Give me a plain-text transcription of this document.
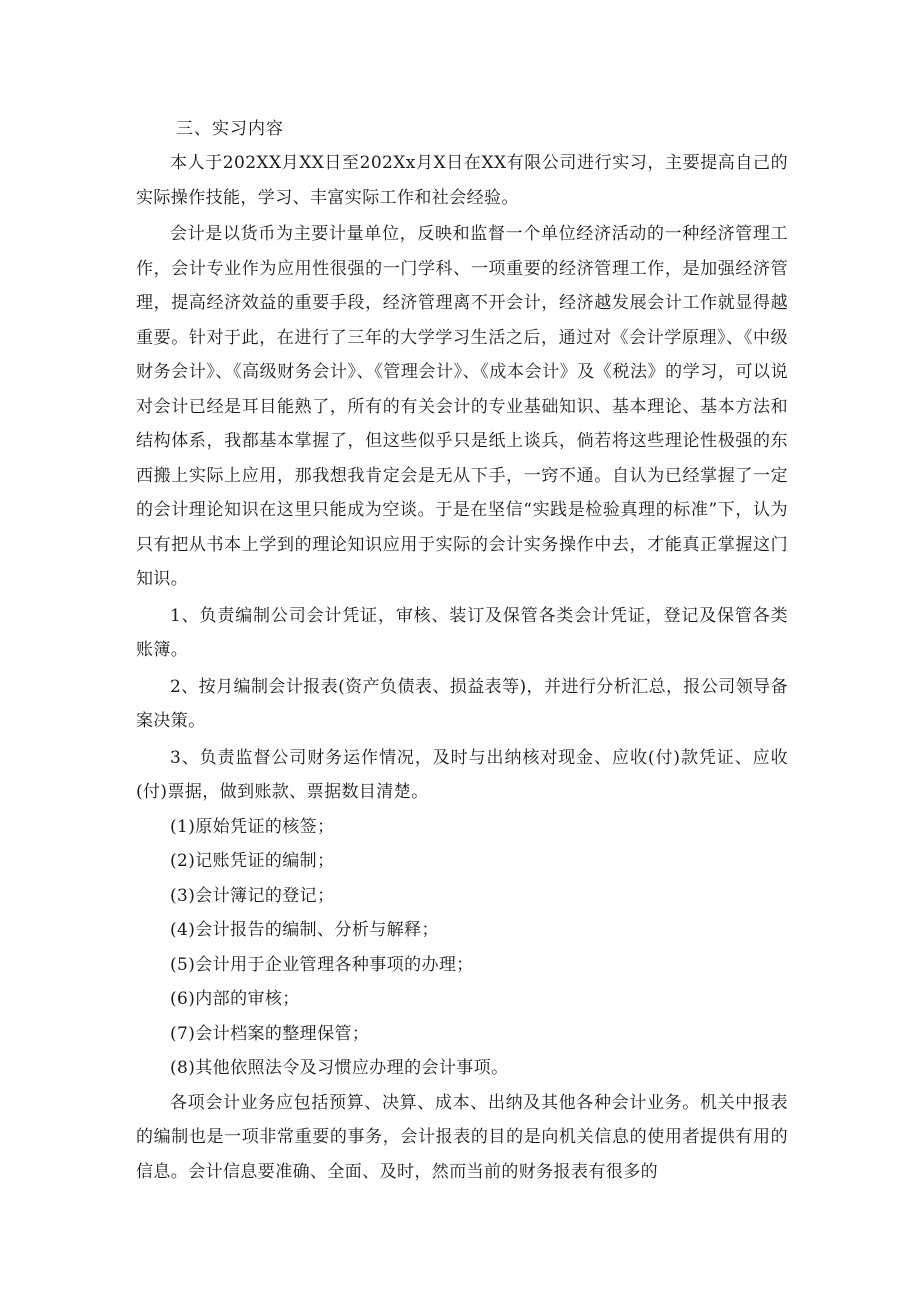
三、实习内容

本人于202XX月XX日至202Xx月X日在XX有限公司进行实习，主要提高自己的实际操作技能，学习、丰富实际工作和社会经验。

会计是以货币为主要计量单位，反映和监督一个单位经济活动的一种经济管理工作，会计专业作为应用性很强的一门学科、一项重要的经济管理工作，是加强经济管理，提高经济效益的重要手段，经济管理离不开会计，经济越发展会计工作就显得越重要。针对于此，在进行了三年的大学学习生活之后，通过对《会计学原理》、《中级财务会计》、《高级财务会计》、《管理会计》、《成本会计》及《税法》的学习，可以说对会计已经是耳目能熟了，所有的有关会计的专业基础知识、基本理论、基本方法和结构体系，我都基本掌握了，但这些似乎只是纸上谈兵，倘若将这些理论性极强的东西搬上实际上应用，那我想我肯定会是无从下手，一窍不通。自认为已经掌握了一定的会计理论知识在这里只能成为空谈。于是在坚信“实践是检验真理的标准”下，认为只有把从书本上学到的理论知识应用于实际的会计实务操作中去，才能真正掌握这门知识。

1、负责编制公司会计凭证，审核、装订及保管各类会计凭证，登记及保管各类账簿。

2、按月编制会计报表(资产负债表、损益表等)，并进行分析汇总，报公司领导备案决策。

3、负责监督公司财务运作情况，及时与出纳核对现金、应收(付)款凭证、应收(付)票据，做到账款、票据数目清楚。

(1)原始凭证的核签；
(2)记账凭证的编制；
(3)会计簿记的登记；
(4)会计报告的编制、分析与解释；
(5)会计用于企业管理各种事项的办理；
(6)内部的审核；
(7)会计档案的整理保管；
(8)其他依照法令及习惯应办理的会计事项。

各项会计业务应包括预算、决算、成本、出纳及其他各种会计业务。机关中报表的编制也是一项非常重要的事务，会计报表的目的是向机关信息的使用者提供有用的信息。会计信息要准确、全面、及时，然而当前的财务报表有很多的
